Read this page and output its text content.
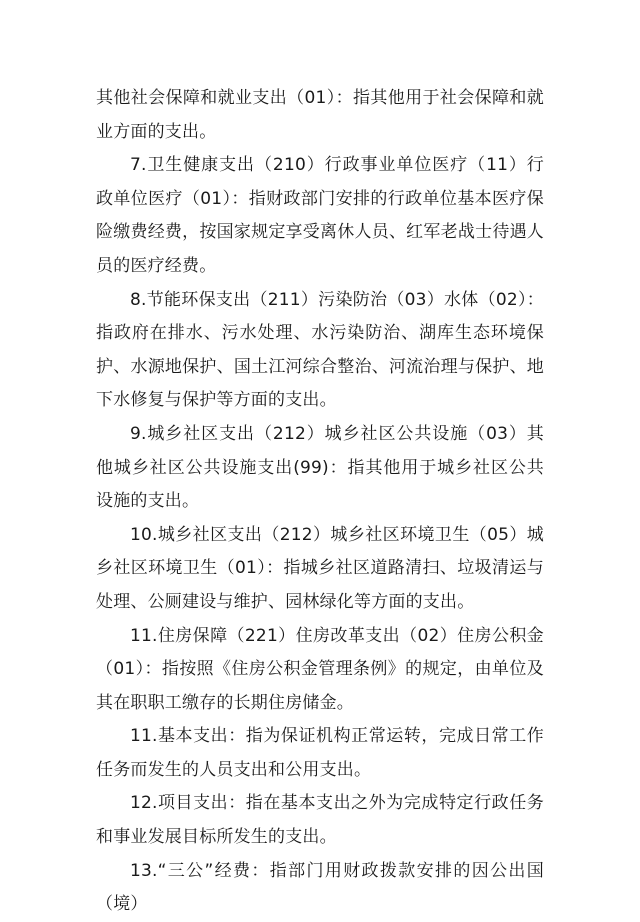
其他社会保障和就业支出（01）：指其他用于社会保障和就业方面的支出。

7.卫生健康支出（210）行政事业单位医疗（11）行政单位医疗（01）：指财政部门安排的行政单位基本医疗保险缴费经费，按国家规定享受离休人员、红军老战士待遇人员的医疗经费。

8.节能环保支出（211）污染防治（03）水体（02）：指政府在排水、污水处理、水污染防治、湖库生态环境保护、水源地保护、国土江河综合整治、河流治理与保护、地下水修复与保护等方面的支出。

9.城乡社区支出（212）城乡社区公共设施（03）其他城乡社区公共设施支出(99)：指其他用于城乡社区公共设施的支出。

10.城乡社区支出（212）城乡社区环境卫生（05）城乡社区环境卫生（01）：指城乡社区道路清扫、垃圾清运与处理、公厕建设与维护、园林绿化等方面的支出。

11.住房保障（221）住房改革支出（02）住房公积金（01）：指按照《住房公积金管理条例》的规定，由单位及其在职职工缴存的长期住房储金。

11.基本支出：指为保证机构正常运转，完成日常工作任务而发生的人员支出和公用支出。

12.项目支出：指在基本支出之外为完成特定行政任务和事业发展目标所发生的支出。

13.“三公”经费：指部门用财政拨款安排的因公出国（境）
